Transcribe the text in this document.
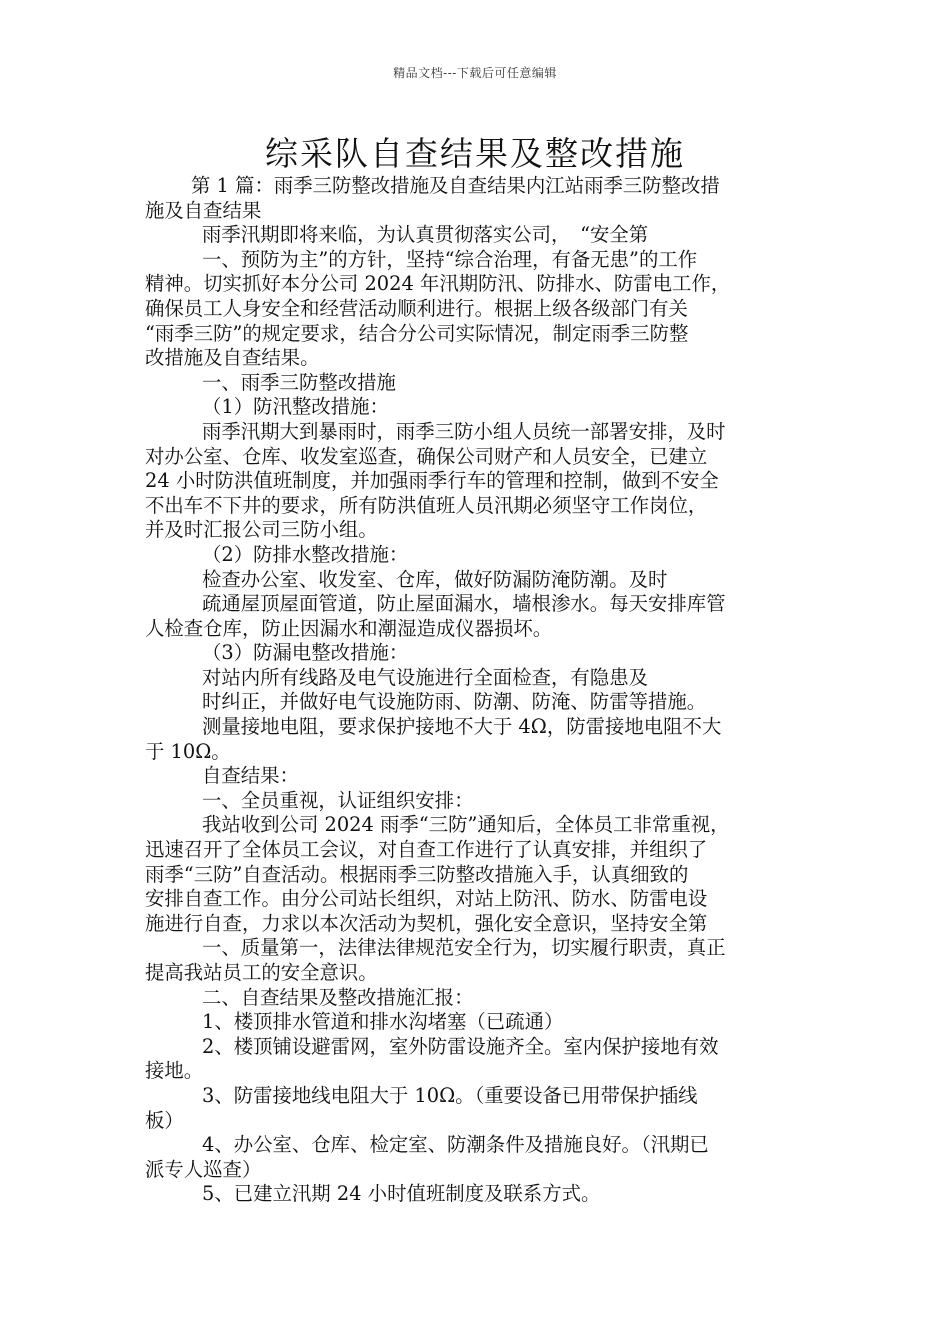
精品文档---下载后可任意编辑
综采队自查结果及整改措施

第 1 篇：雨季三防整改措施及自查结果内江站雨季三防整改措

施及自查结果

雨季汛期即将来临，为认真贯彻落实公司，　“安全第

一、预防为主”的方针，坚持“综合治理，有备无患”的工作

精神。切实抓好本分公司 2024 年汛期防汛、防排水、防雷电工作，

确保员工人身安全和经营活动顺利进行。根据上级各级部门有关

“雨季三防”的规定要求，结合分公司实际情况，制定雨季三防整

改措施及自查结果。

一、雨季三防整改措施

（1）防汛整改措施：

雨季汛期大到暴雨时，雨季三防小组人员统一部署安排，及时

对办公室、仓库、收发室巡查，确保公司财产和人员安全，已建立

24 小时防洪值班制度，并加强雨季行车的管理和控制，做到不安全

不出车不下井的要求，所有防洪值班人员汛期必须坚守工作岗位，

并及时汇报公司三防小组。

（2）防排水整改措施：

检查办公室、收发室、仓库，做好防漏防淹防潮。及时

疏通屋顶屋面管道，防止屋面漏水，墙根渗水。每天安排库管

人检查仓库，防止因漏水和潮湿造成仪器损坏。

（3）防漏电整改措施：

对站内所有线路及电气设施进行全面检查，有隐患及

时纠正，并做好电气设施防雨、防潮、防淹、防雷等措施。

测量接地电阻，要求保护接地不大于 4Ω，防雷接地电阻不大

于 10Ω。

自查结果：

一、全员重视，认证组织安排：

我站收到公司 2024 雨季“三防”通知后，全体员工非常重视，

迅速召开了全体员工会议，对自查工作进行了认真安排，并组织了

雨季“三防”自查活动。根据雨季三防整改措施入手，认真细致的

安排自查工作。由分公司站长组织，对站上防汛、防水、防雷电设

施进行自查，力求以本次活动为契机，强化安全意识，坚持安全第

一、质量第一，法律法律规范安全行为，切实履行职责，真正

提高我站员工的安全意识。

二、自查结果及整改措施汇报：

1、楼顶排水管道和排水沟堵塞（已疏通）

2、楼顶铺设避雷网，室外防雷设施齐全。室内保护接地有效

接地。

3、防雷接地线电阻大于 10Ω。（重要设备已用带保护插线

板）

4、办公室、仓库、检定室、防潮条件及措施良好。（汛期已

派专人巡查）

5、已建立汛期 24 小时值班制度及联系方式。
